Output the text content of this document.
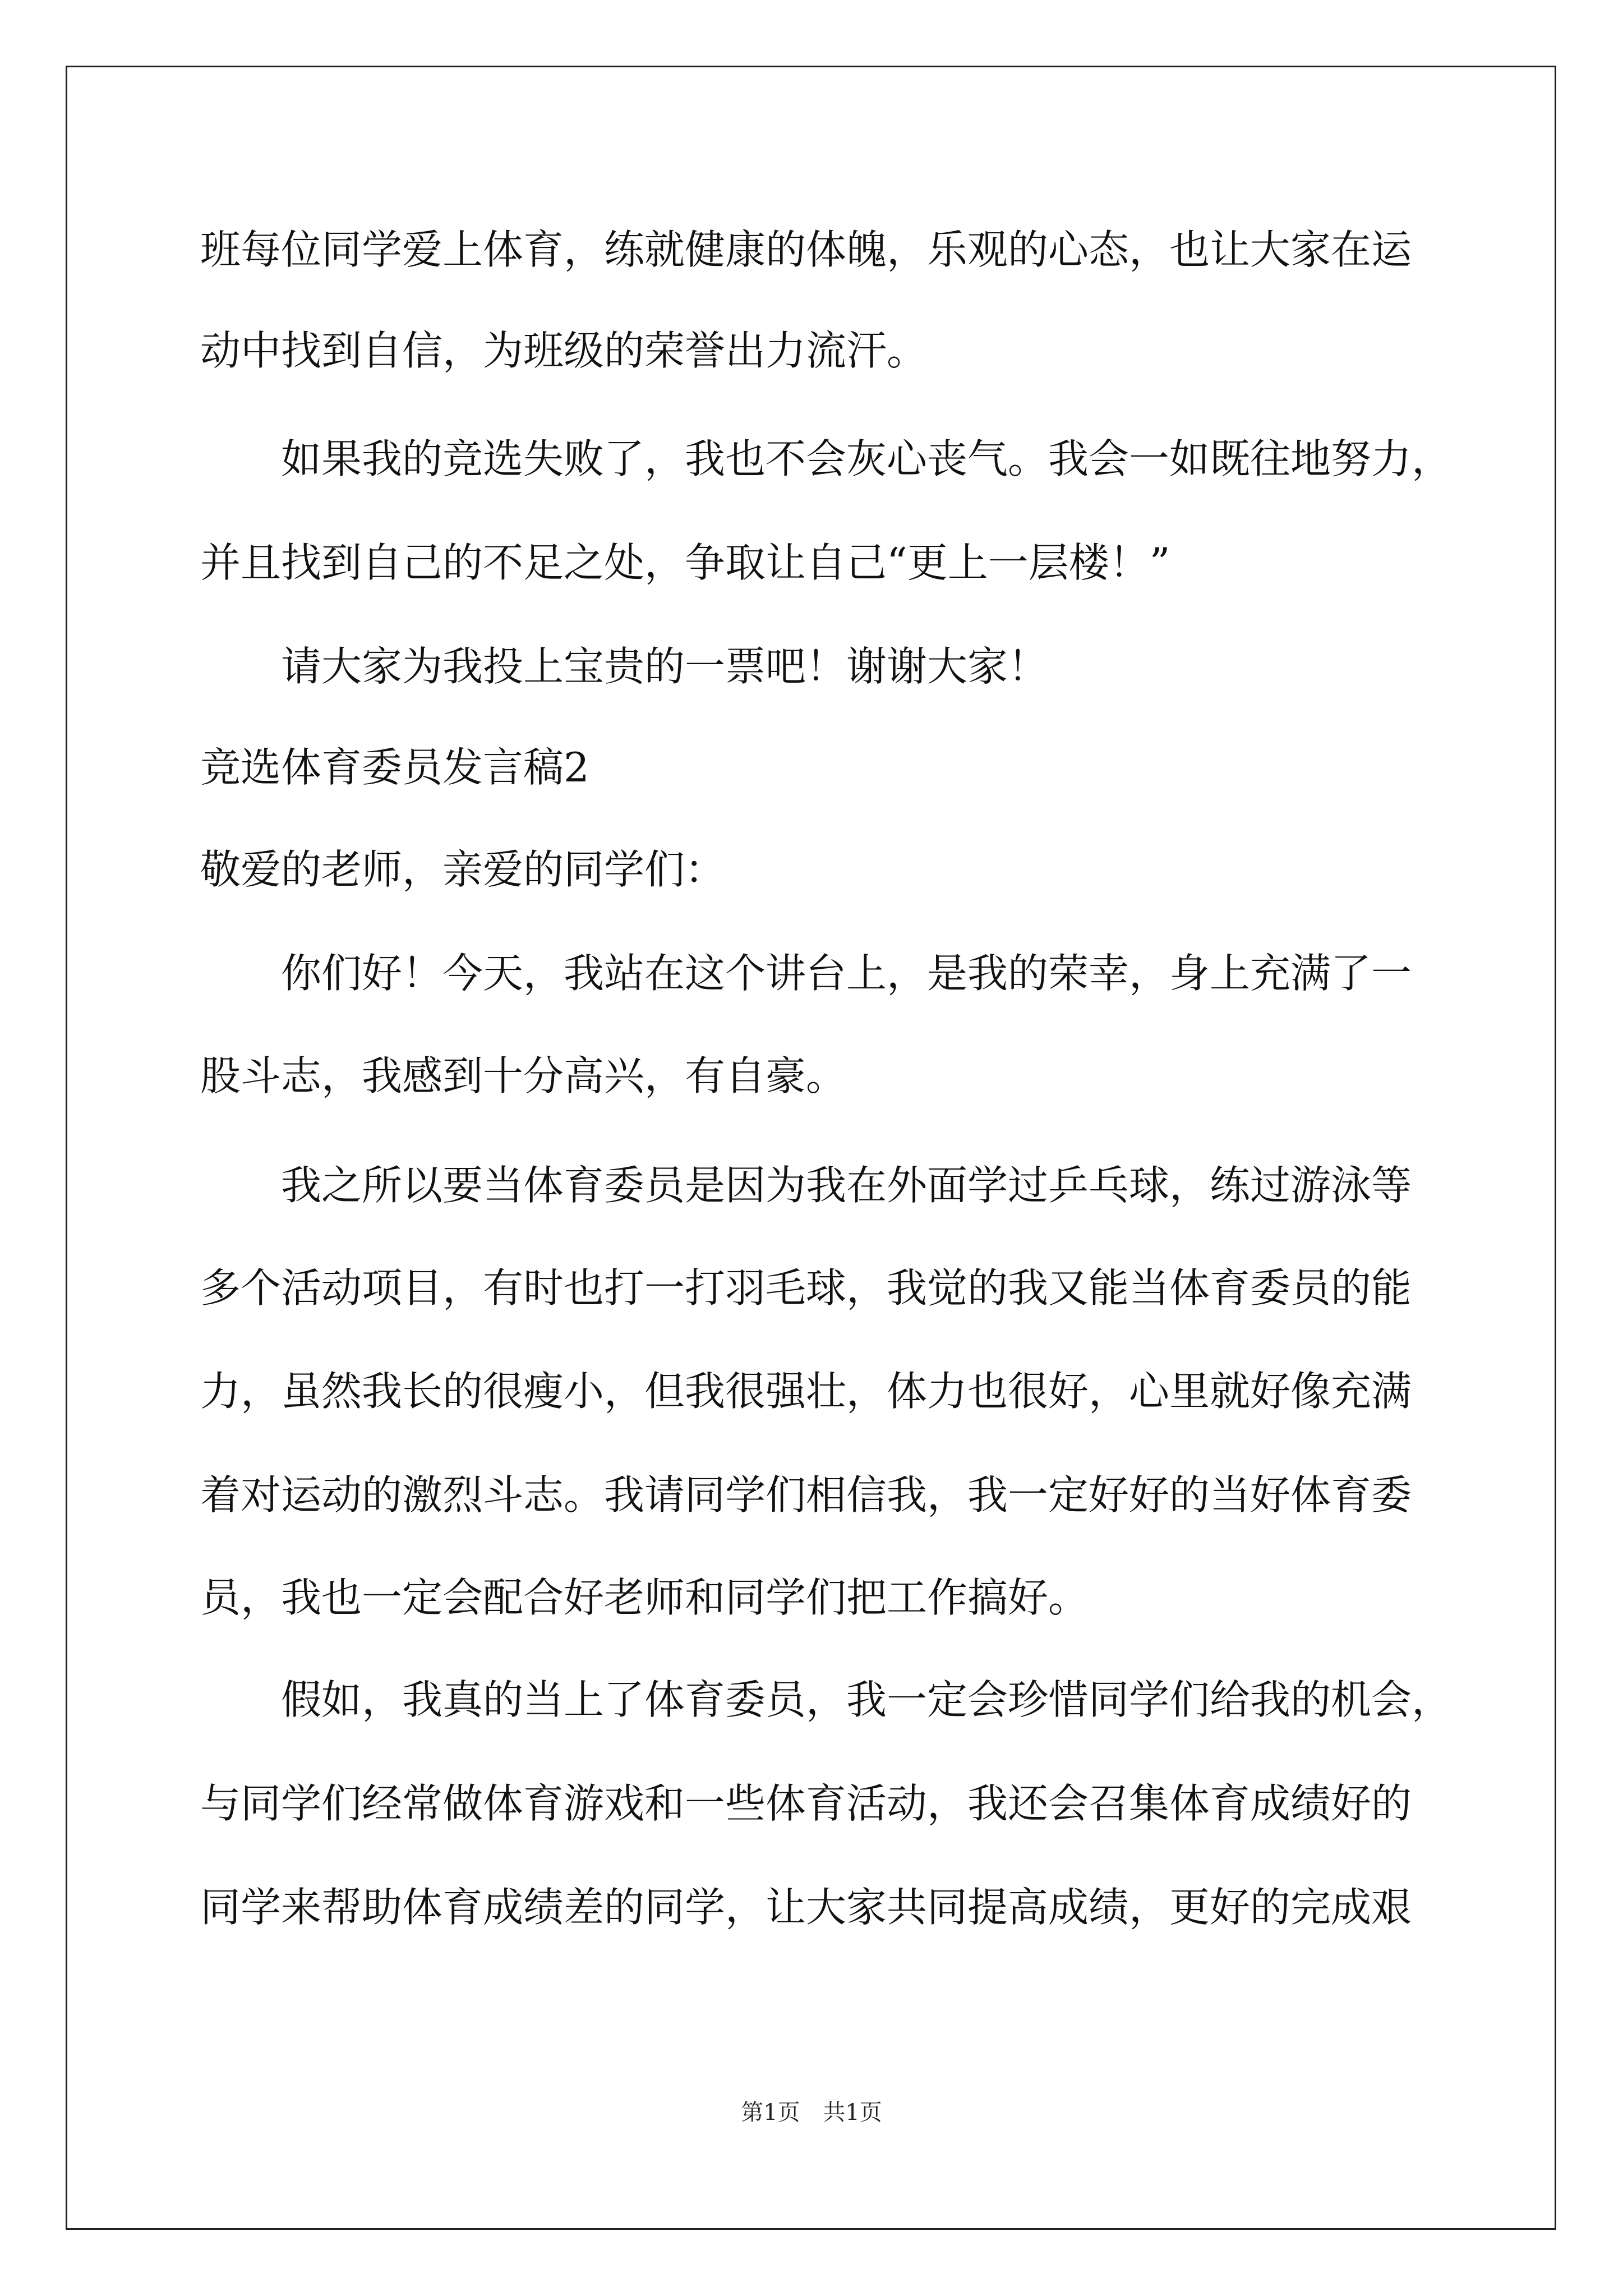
班每位同学爱上体育，练就健康的体魄，乐观的心态，也让大家在运
动中找到自信，为班级的荣誉出力流汗。
如果我的竞选失败了，我也不会灰心丧气。我会一如既往地努力，
并且找到自己的不足之处，争取让自己“更上一层楼！”
请大家为我投上宝贵的一票吧！谢谢大家！
竞选体育委员发言稿2
敬爱的老师，亲爱的同学们：
你们好！今天，我站在这个讲台上，是我的荣幸，身上充满了一
股斗志，我感到十分高兴，有自豪。
我之所以要当体育委员是因为我在外面学过乒乓球，练过游泳等
多个活动项目，有时也打一打羽毛球，我觉的我又能当体育委员的能
力，虽然我长的很瘦小，但我很强壮，体力也很好，心里就好像充满
着对运动的激烈斗志。我请同学们相信我，我一定好好的当好体育委
员，我也一定会配合好老师和同学们把工作搞好。
假如，我真的当上了体育委员，我一定会珍惜同学们给我的机会，
与同学们经常做体育游戏和一些体育活动，我还会召集体育成绩好的
同学来帮助体育成绩差的同学，让大家共同提高成绩，更好的完成艰
第1页 共1页
